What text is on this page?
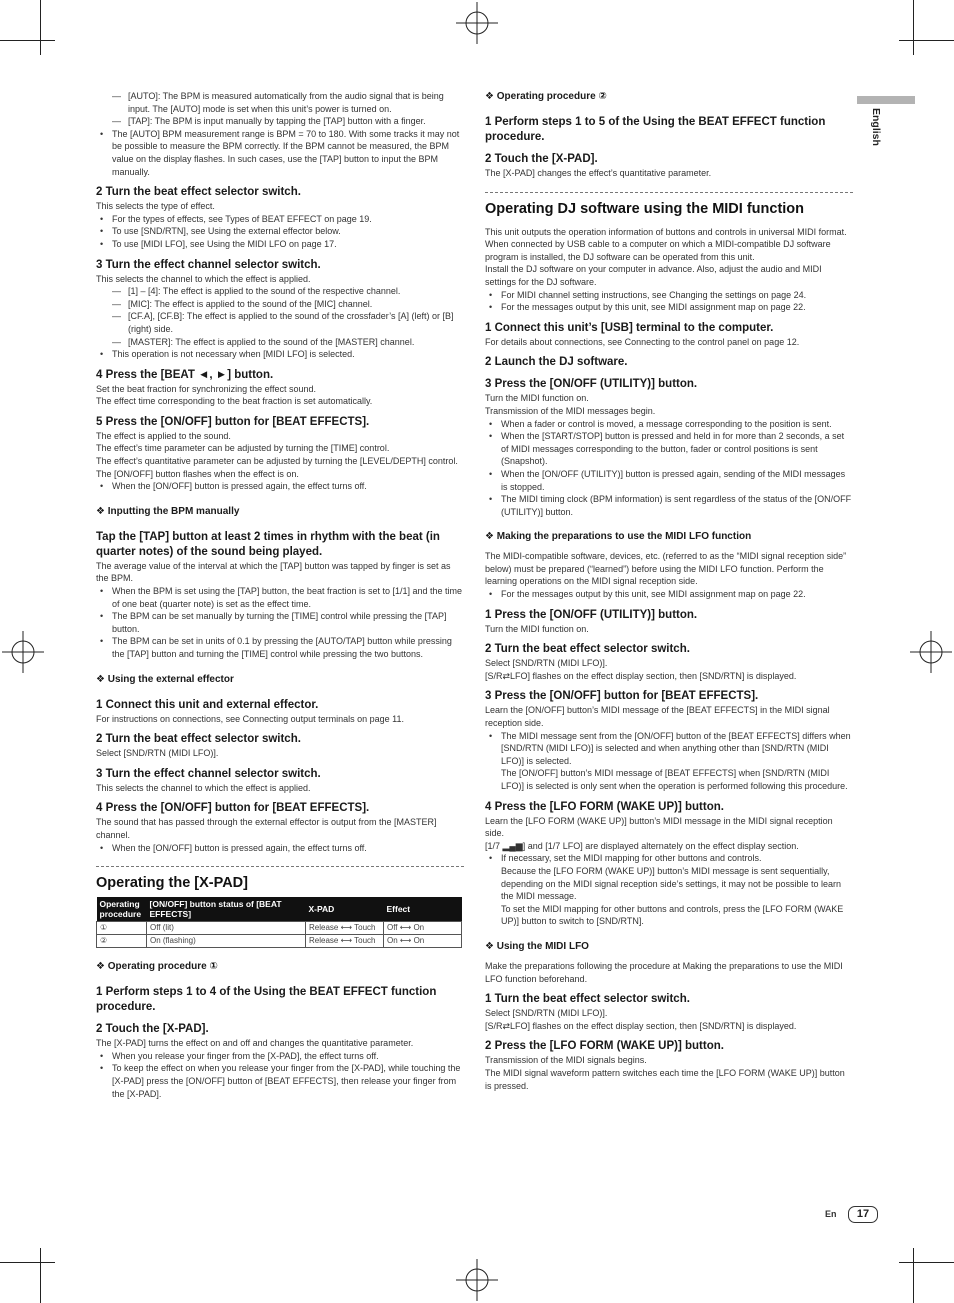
English

— [AUTO]: The BPM is measured automatically from the audio signal that is being input. The [AUTO] mode is set when this unit’s power is turned on.

— [TAP]: The BPM is input manually by tapping the [TAP] button with a finger.

• The [AUTO] BPM measurement range is BPM = 70 to 180. With some tracks it may not be possible to measure the BPM correctly. If the BPM cannot be measured, the BPM value on the display flashes. In such cases, use the [TAP] button to input the BPM manually.

2 Turn the beat effect selector switch.

This selects the type of effect.

• For the types of effects, see Types of BEAT EFFECT on page 19.

• To use [SND/RTN], see Using the external effector below.

• To use [MIDI LFO], see Using the MIDI LFO on page 17.

3 Turn the effect channel selector switch.

This selects the channel to which the effect is applied.

— [1] – [4]: The effect is applied to the sound of the respective channel.

— [MIC]: The effect is applied to the sound of the [MIC] channel.

— [CF.A], [CF.B]: The effect is applied to the sound of the crossfader’s [A] (left) or [B] (right) side.

— [MASTER]: The effect is applied to the sound of the [MASTER] channel.

• This operation is not necessary when [MIDI LFO] is selected.

4 Press the [BEAT ◄, ►] button.

Set the beat fraction for synchronizing the effect sound.

The effect time corresponding to the beat fraction is set automatically.

5 Press the [ON/OFF] button for [BEAT EFFECTS].

The effect is applied to the sound.

The effect’s time parameter can be adjusted by turning the [TIME] control.

The effect’s quantitative parameter can be adjusted by turning the [LEVEL/DEPTH] control.

The [ON/OFF] button flashes when the effect is on.

• When the [ON/OFF] button is pressed again, the effect turns off.

❖ Inputting the BPM manually

Tap the [TAP] button at least 2 times in rhythm with the beat (in quarter notes) of the sound being played.

The average value of the interval at which the [TAP] button was tapped by finger is set as the BPM.

• When the BPM is set using the [TAP] button, the beat fraction is set to [1/1] and the time of one beat (quarter note) is set as the effect time.

• The BPM can be set manually by turning the [TIME] control while pressing the [TAP] button.

• The BPM can be set in units of 0.1 by pressing the [AUTO/TAP] button while pressing the [TAP] button and turning the [TIME] control while pressing the two buttons.

❖ Using the external effector

1 Connect this unit and external effector.

For instructions on connections, see Connecting output terminals on page 11.

2 Turn the beat effect selector switch.

Select [SND/RTN (MIDI LFO)].

3 Turn the effect channel selector switch.

This selects the channel to which the effect is applied.

4 Press the [ON/OFF] button for [BEAT EFFECTS].

The sound that has passed through the external effector is output from the [MASTER] channel.

• When the [ON/OFF] button is pressed again, the effect turns off.

Operating the [X-PAD]

Operating procedure	[ON/OFF] button status of [BEAT EFFECTS]	X-PAD	Effect
①	Off (lit)	Release ⟷ Touch	Off ⟷ On
②	On (flashing)	Release ⟷ Touch	On ⟷ On

❖ Operating procedure ①

1 Perform steps 1 to 4 of the Using the BEAT EFFECT function procedure.

2 Touch the [X-PAD].

The [X-PAD] turns the effect on and off and changes the quantitative parameter.

• When you release your finger from the [X-PAD], the effect turns off.

• To keep the effect on when you release your finger from the [X-PAD], while touching the [X-PAD] press the [ON/OFF] button of [BEAT EFFECTS], then release your finger from the [X-PAD].

❖ Operating procedure ②

1 Perform steps 1 to 5 of the Using the BEAT EFFECT function procedure.

2 Touch the [X-PAD].

The [X-PAD] changes the effect’s quantitative parameter.

Operating DJ software using the MIDI function

This unit outputs the operation information of buttons and controls in universal MIDI format.

When connected by USB cable to a computer on which a MIDI-compatible DJ software program is installed, the DJ software can be operated from this unit.

Install the DJ software on your computer in advance. Also, adjust the audio and MIDI settings for the DJ software.

• For MIDI channel setting instructions, see Changing the settings on page 24.

• For the messages output by this unit, see MIDI assignment map on page 22.

1 Connect this unit’s [USB] terminal to the computer.

For details about connections, see Connecting to the control panel on page 12.

2 Launch the DJ software.

3 Press the [ON/OFF (UTILITY)] button.

Turn the MIDI function on.

Transmission of the MIDI messages begin.

• When a fader or control is moved, a message corresponding to the position is sent.

• When the [START/STOP] button is pressed and held in for more than 2 seconds, a set of MIDI messages corresponding to the button, fader or control positions is sent (Snapshot).

• When the [ON/OFF (UTILITY)] button is pressed again, sending of the MIDI messages is stopped.

• The MIDI timing clock (BPM information) is sent regardless of the status of the [ON/OFF (UTILITY)] button.

❖ Making the preparations to use the MIDI LFO function

The MIDI-compatible software, devices, etc. (referred to as the “MIDI signal reception side” below) must be prepared (“learned”) before using the MIDI LFO function. Perform the learning operations on the MIDI signal reception side.

• For the messages output by this unit, see MIDI assignment map on page 22.

1 Press the [ON/OFF (UTILITY)] button.

Turn the MIDI function on.

2 Turn the beat effect selector switch.

Select [SND/RTN (MIDI LFO)].

[S/R⇄LFO] flashes on the effect display section, then [SND/RTN] is displayed.

3 Press the [ON/OFF] button for [BEAT EFFECTS].

Learn the [ON/OFF] button’s MIDI message of the [BEAT EFFECTS] in the MIDI signal reception side.

• The MIDI message sent from the [ON/OFF] button of the [BEAT EFFECTS] differs when [SND/RTN (MIDI LFO)] is selected and when anything other than [SND/RTN (MIDI LFO)] is selected.

The [ON/OFF] button’s MIDI message of [BEAT EFFECTS] when [SND/RTN (MIDI LFO)] is selected is only sent when the operation is performed following this procedure.

4 Press the [LFO FORM (WAKE UP)] button.

Learn the [LFO FORM (WAKE UP)] button’s MIDI message in the MIDI signal reception side.

[1/7 ▂▄▆] and [1/7 LFO] are displayed alternately on the effect display section.

• If necessary, set the MIDI mapping for other buttons and controls.

Because the [LFO FORM (WAKE UP)] button’s MIDI message is sent sequentially, depending on the MIDI signal reception side’s settings, it may not be possible to learn the MIDI message.

To set the MIDI mapping for other buttons and controls, press the [LFO FORM (WAKE UP)] button to switch to [SND/RTN].

❖ Using the MIDI LFO

Make the preparations following the procedure at Making the preparations to use the MIDI LFO function beforehand.

1 Turn the beat effect selector switch.

Select [SND/RTN (MIDI LFO)].

[S/R⇄LFO] flashes on the effect display section, then [SND/RTN] is displayed.

2 Press the [LFO FORM (WAKE UP)] button.

Transmission of the MIDI signals begins.

The MIDI signal waveform pattern switches each time the [LFO FORM (WAKE UP)] button is pressed.

En	17
